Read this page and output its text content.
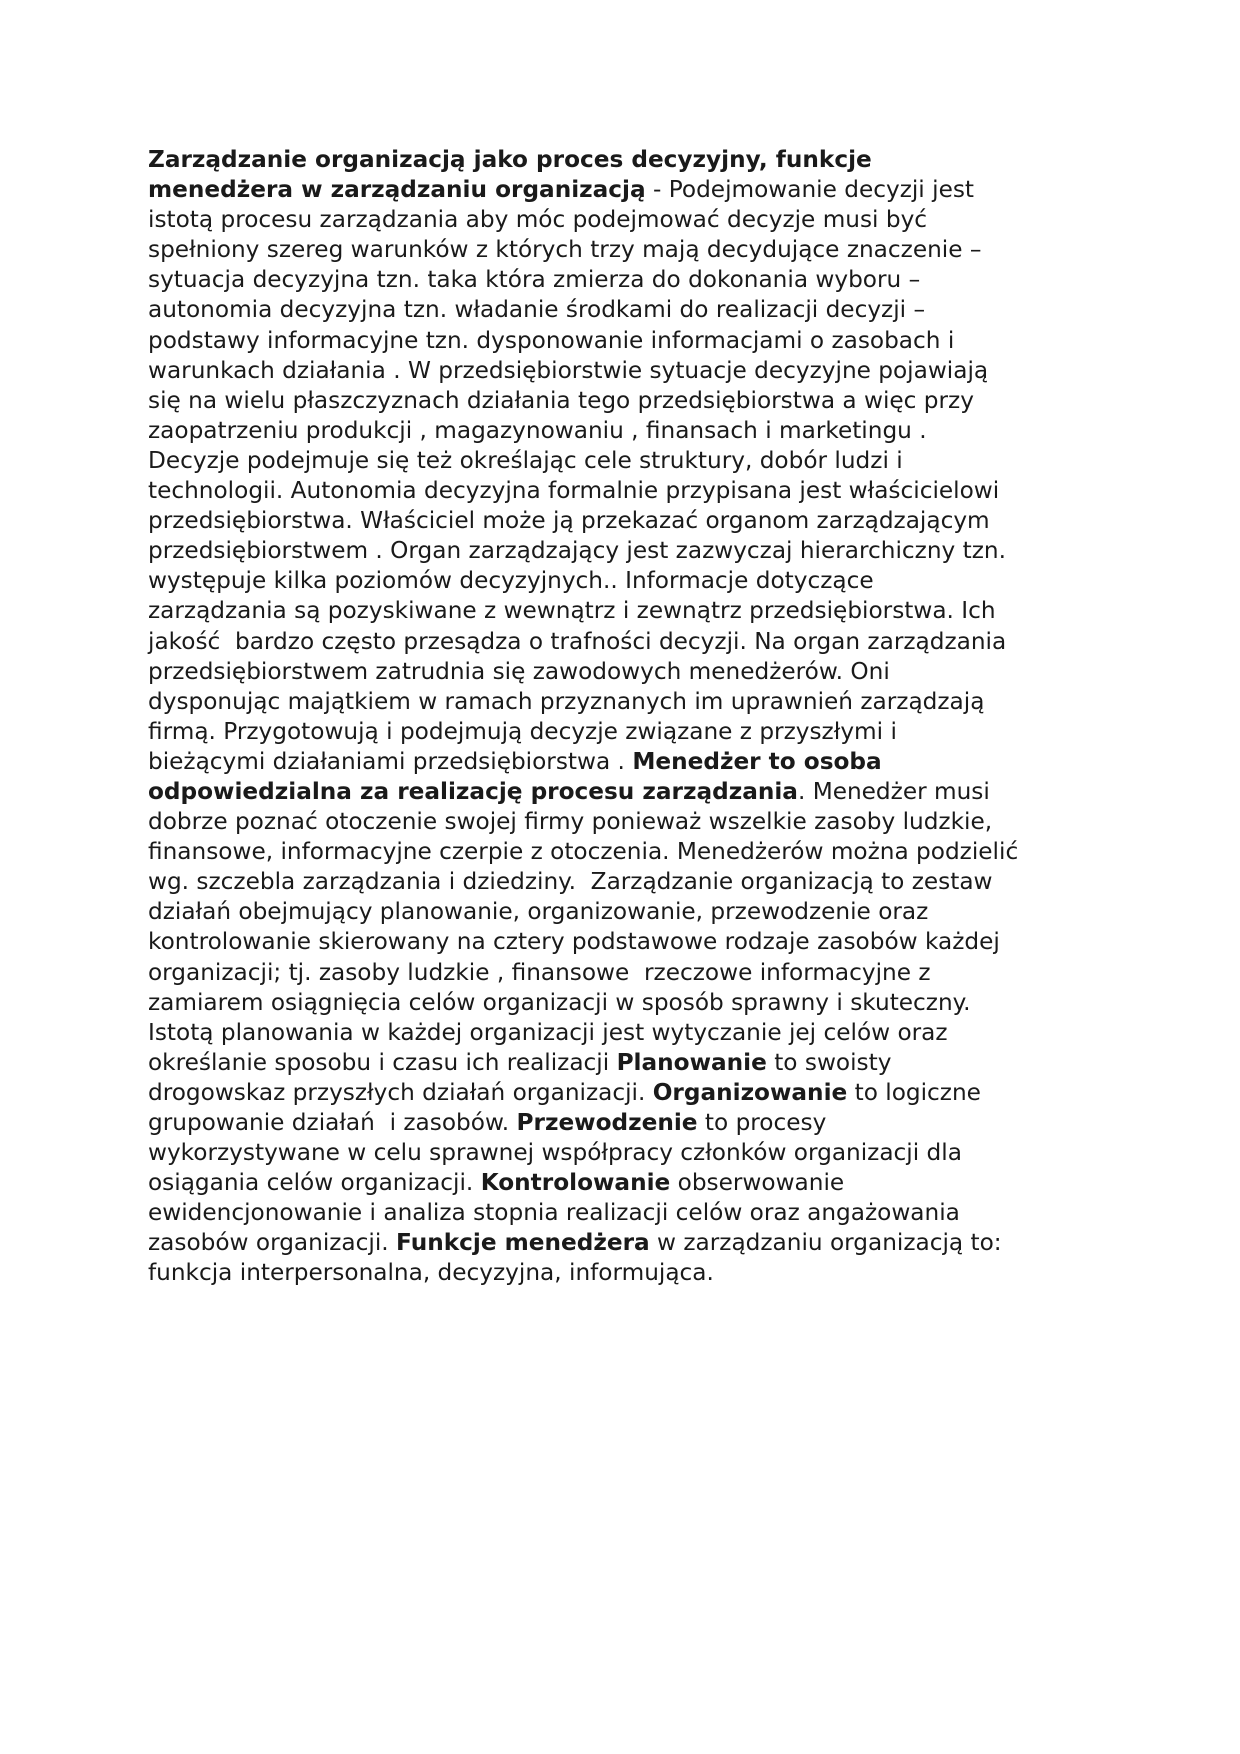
Zarządzanie organizacją jako proces decyzyjny, funkcje
menedżera w zarządzaniu organizacją - Podejmowanie decyzji jest
istotą procesu zarządzania aby móc podejmować decyzje musi być
spełniony szereg warunków z których trzy mają decydujące znaczenie –
sytuacja decyzyjna tzn. taka która zmierza do dokonania wyboru –
autonomia decyzyjna tzn. władanie środkami do realizacji decyzji –
podstawy informacyjne tzn. dysponowanie informacjami o zasobach i
warunkach działania . W przedsiębiorstwie sytuacje decyzyjne pojawiają
się na wielu płaszczyznach działania tego przedsiębiorstwa a więc przy
zaopatrzeniu produkcji , magazynowaniu , finansach i marketingu .
Decyzje podejmuje się też określając cele struktury, dobór ludzi i
technologii. Autonomia decyzyjna formalnie przypisana jest właścicielowi
przedsiębiorstwa. Właściciel może ją przekazać organom zarządzającym
przedsiębiorstwem . Organ zarządzający jest zazwyczaj hierarchiczny tzn.
występuje kilka poziomów decyzyjnych.. Informacje dotyczące
zarządzania są pozyskiwane z wewnątrz i zewnątrz przedsiębiorstwa. Ich
jakość  bardzo często przesądza o trafności decyzji. Na organ zarządzania
przedsiębiorstwem zatrudnia się zawodowych menedżerów. Oni
dysponując majątkiem w ramach przyznanych im uprawnień zarządzają
firmą. Przygotowują i podejmują decyzje związane z przyszłymi i
bieżącymi działaniami przedsiębiorstwa . Menedżer to osoba
odpowiedzialna za realizację procesu zarządzania. Menedżer musi
dobrze poznać otoczenie swojej firmy ponieważ wszelkie zasoby ludzkie,
finansowe, informacyjne czerpie z otoczenia. Menedżerów można podzielić
wg. szczebla zarządzania i dziedziny.  Zarządzanie organizacją to zestaw
działań obejmujący planowanie, organizowanie, przewodzenie oraz
kontrolowanie skierowany na cztery podstawowe rodzaje zasobów każdej
organizacji; tj. zasoby ludzkie , finansowe  rzeczowe informacyjne z
zamiarem osiągnięcia celów organizacji w sposób sprawny i skuteczny.
Istotą planowania w każdej organizacji jest wytyczanie jej celów oraz
określanie sposobu i czasu ich realizacji Planowanie to swoisty
drogowskaz przyszłych działań organizacji. Organizowanie to logiczne
grupowanie działań  i zasobów. Przewodzenie to procesy
wykorzystywane w celu sprawnej współpracy członków organizacji dla
osiągania celów organizacji. Kontrolowanie obserwowanie
ewidencjonowanie i analiza stopnia realizacji celów oraz angażowania
zasobów organizacji. Funkcje menedżera w zarządzaniu organizacją to:
funkcja interpersonalna, decyzyjna, informująca.
